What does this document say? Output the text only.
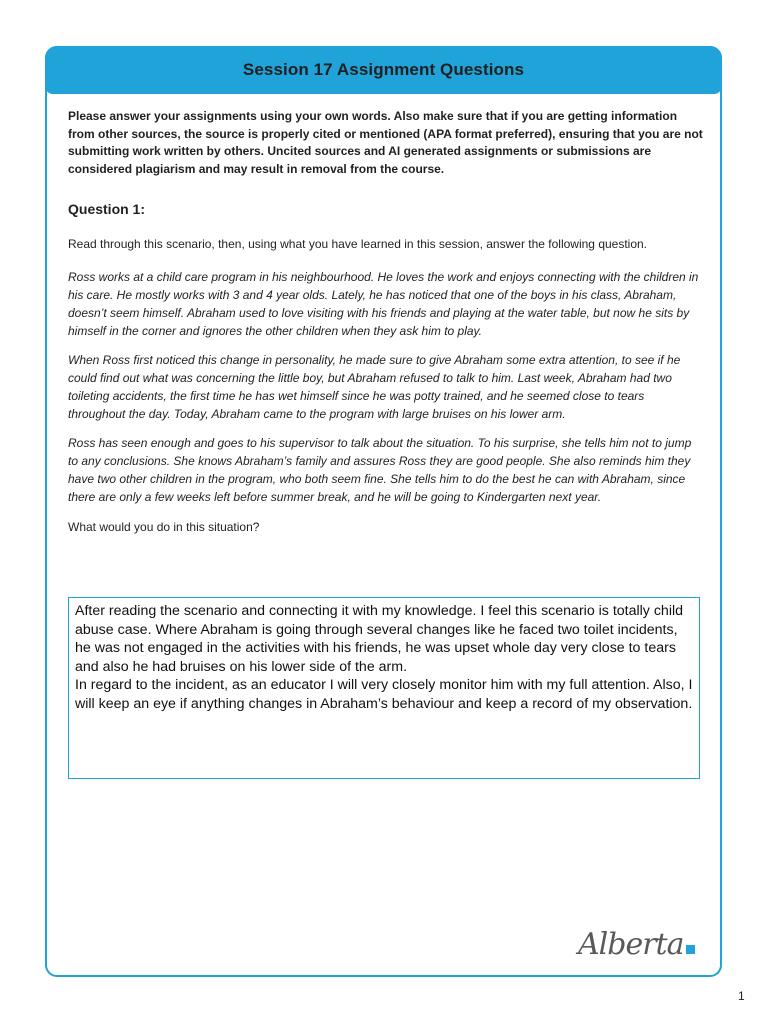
Session 17 Assignment Questions

Please answer your assignments using your own words. Also make sure that if you are getting information from other sources, the source is properly cited or mentioned (APA format preferred), ensuring that you are not submitting work written by others. Uncited sources and AI generated assignments or submissions are considered plagiarism and may result in removal from the course.

Question 1:

Read through this scenario, then, using what you have learned in this session, answer the following question.

Ross works at a child care program in his neighbourhood. He loves the work and enjoys connecting with the children in his care. He mostly works with 3 and 4 year olds. Lately, he has noticed that one of the boys in his class, Abraham, doesn’t seem himself. Abraham used to love visiting with his friends and playing at the water table, but now he sits by himself in the corner and ignores the other children when they ask him to play.

When Ross first noticed this change in personality, he made sure to give Abraham some extra attention, to see if he could find out what was concerning the little boy, but Abraham refused to talk to him. Last week, Abraham had two toileting accidents, the first time he has wet himself since he was potty trained, and he seemed close to tears throughout the day. Today, Abraham came to the program with large bruises on his lower arm.

Ross has seen enough and goes to his supervisor to talk about the situation. To his surprise, she tells him not to jump to any conclusions. She knows Abraham’s family and assures Ross they are good people. She also reminds him they have two other children in the program, who both seem fine. She tells him to do the best he can with Abraham, since there are only a few weeks left before summer break, and he will be going to Kindergarten next year.

What would you do in this situation?

After reading the scenario and connecting it with my knowledge. I feel this scenario is totally child abuse case. Where Abraham is going through several changes like he faced two toilet incidents, he was not engaged in the activities with his friends, he was upset whole day very close to tears and also he had bruises on his lower side of the arm.

In regard to the incident, as an educator I will very closely monitor him with my full attention. Also, I will keep an eye if anything changes in Abraham’s behaviour and keep a record of my observation.

Alberta
1
